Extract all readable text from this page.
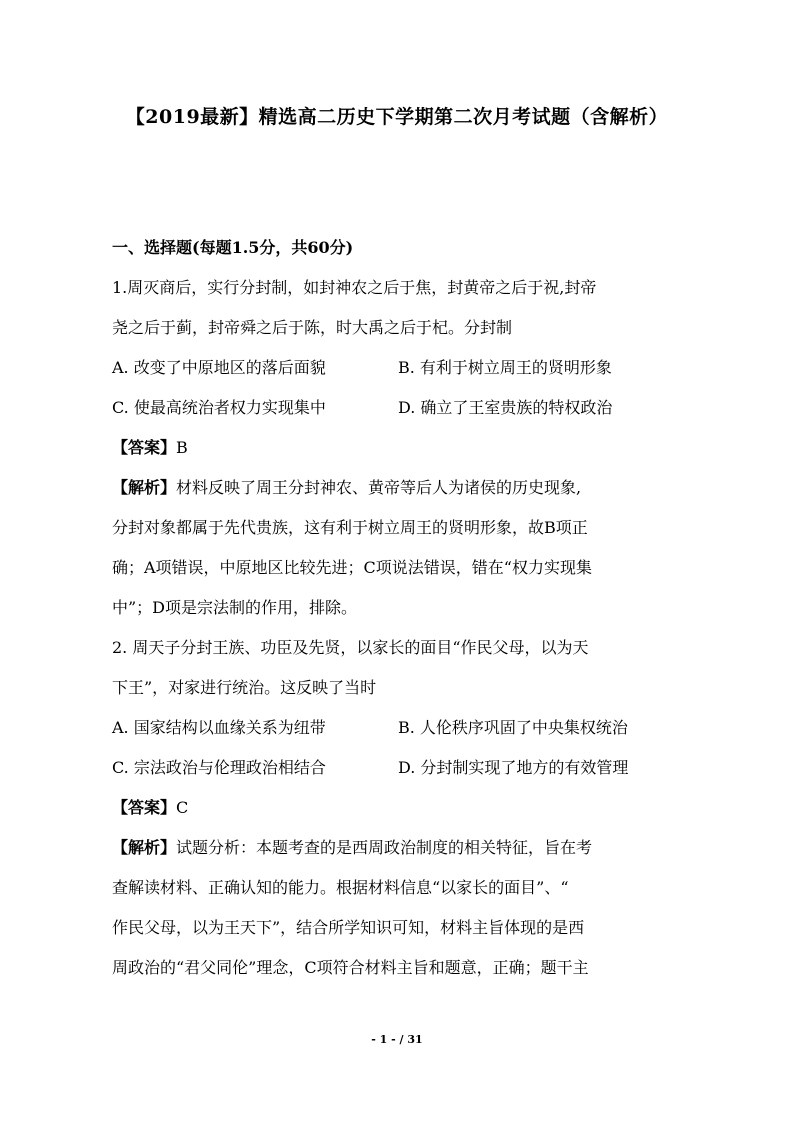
【2019最新】精选高二历史下学期第二次月考试题（含解析）

一、选择题(每题1.5分，共60分)

1.周灭商后，实行分封制，如封神农之后于焦，封黄帝之后于祝,封帝

尧之后于蓟，封帝舜之后于陈，时大禹之后于杞。分封制

A. 改变了中原地区的落后面貌	B. 有利于树立周王的贤明形象
C. 使最高统治者权力实现集中	D. 确立了王室贵族的特权政治

【答案】B

【解析】材料反映了周王分封神农、黄帝等后人为诸侯的历史现象,

分封对象都属于先代贵族，这有利于树立周王的贤明形象，故B项正

确；A项错误，中原地区比较先进；C项说法错误，错在“权力实现集

中”；D项是宗法制的作用，排除。

2. 周天子分封王族、功臣及先贤，以家长的面目“作民父母，以为天

下王”，对家进行统治。这反映了当时

A. 国家结构以血缘关系为纽带	B. 人伦秩序巩固了中央集权统治
C. 宗法政治与伦理政治相结合	D. 分封制实现了地方的有效管理

【答案】C

【解析】试题分析：本题考查的是西周政治制度的相关特征，旨在考

查解读材料、正确认知的能力。根据材料信息“以家长的面目”、“

作民父母，以为王天下”，结合所学知识可知，材料主旨体现的是西

周政治的“君父同伦”理念，C项符合材料主旨和题意，正确；题干主

- 1 - / 31
